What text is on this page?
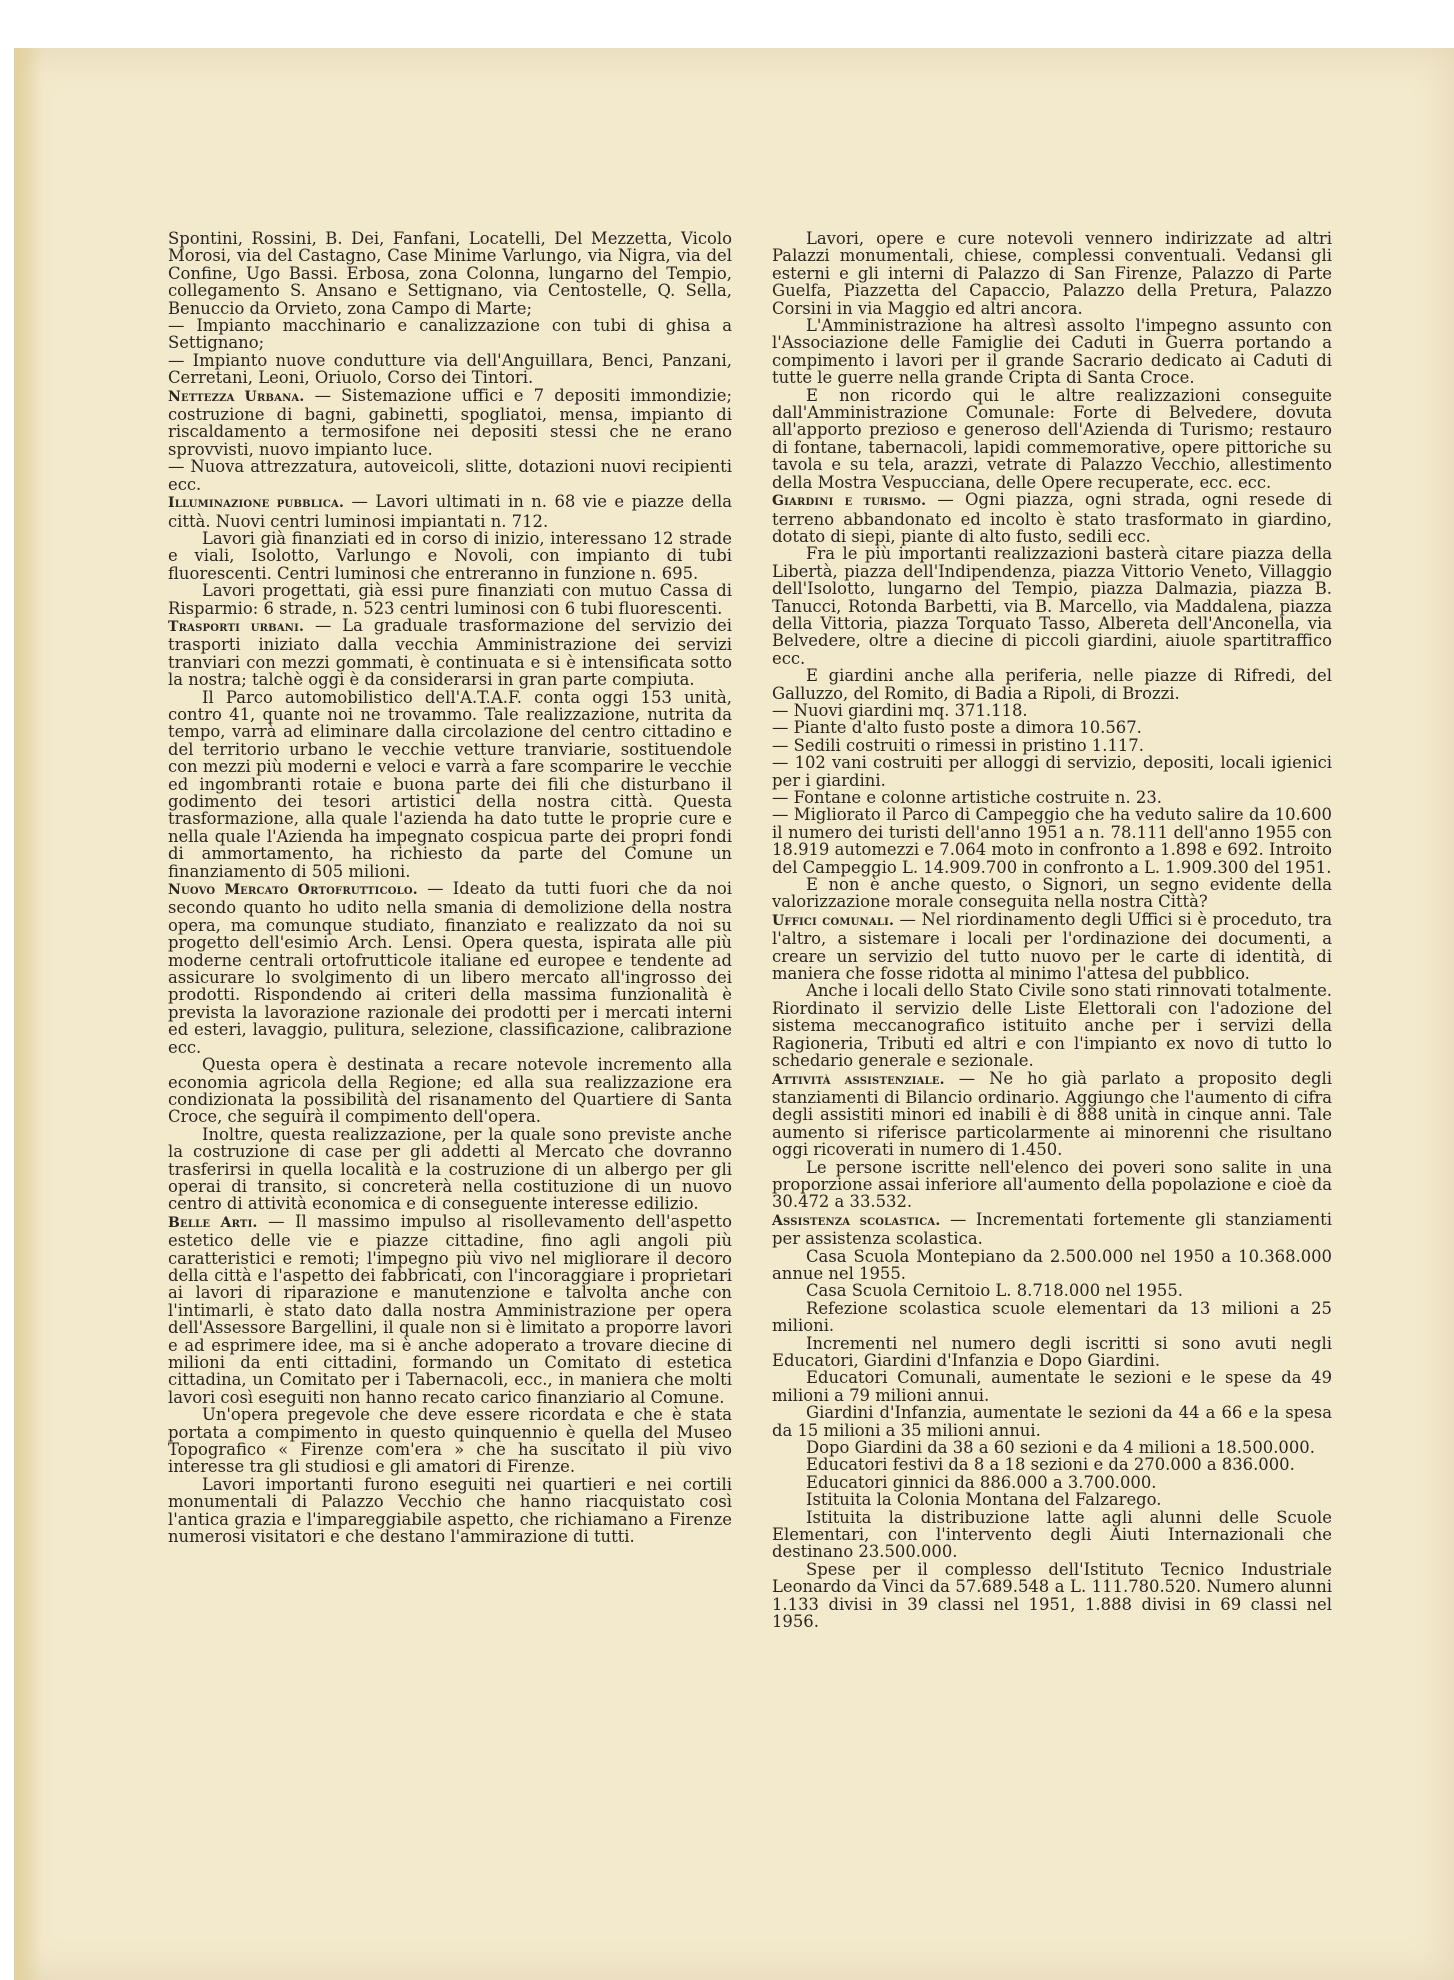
Spontini, Rossini, B. Dei, Fanfani, Locatelli, Del Mezzetta, Vicolo Morosi, via del Castagno, Case Minime Varlungo, via Nigra, via del Confine, Ugo Bassi. Erbosa, zona Colonna, lungarno del Tempio, collegamento S. Ansano e Settignano, via Centostelle, Q. Sella, Benuccio da Orvieto, zona Campo di Marte;

— Impianto macchinario e canalizzazione con tubi di ghisa a Settignano;

— Impianto nuove condutture via dell'Anguillara, Benci, Panzani, Cerretani, Leoni, Oriuolo, Corso dei Tintori.

Nettezza Urbana. — Sistemazione uffici e 7 depositi immondizie; costruzione di bagni, gabinetti, spogliatoi, mensa, impianto di riscaldamento a termosifone nei depositi stessi che ne erano sprovvisti, nuovo impianto luce.

— Nuova attrezzatura, autoveicoli, slitte, dotazioni nuovi recipienti ecc.

Illuminazione pubblica. — Lavori ultimati in n. 68 vie e piazze della città. Nuovi centri luminosi impiantati n. 712.

Lavori già finanziati ed in corso di inizio, interessano 12 strade e viali, Isolotto, Varlungo e Novoli, con impianto di tubi fluorescenti. Centri luminosi che entreranno in funzione n. 695.

Lavori progettati, già essi pure finanziati con mutuo Cassa di Risparmio: 6 strade, n. 523 centri luminosi con 6 tubi fluorescenti.

Trasporti urbani. — La graduale trasformazione del servizio dei trasporti iniziato dalla vecchia Amministrazione dei servizi tranviari con mezzi gommati, è continuata e si è intensificata sotto la nostra; talchè oggi è da considerarsi in gran parte compiuta.

Il Parco automobilistico dell'A.T.A.F. conta oggi 153 unità, contro 41, quante noi ne trovammo. Tale realizzazione, nutrita da tempo, varrà ad eliminare dalla circolazione del centro cittadino e del territorio urbano le vecchie vetture tranviarie, sostituendole con mezzi più moderni e veloci e varrà a fare scomparire le vecchie ed ingombranti rotaie e buona parte dei fili che disturbano il godimento dei tesori artistici della nostra città. Questa trasformazione, alla quale l'azienda ha dato tutte le proprie cure e nella quale l'Azienda ha impegnato cospicua parte dei propri fondi di ammortamento, ha richiesto da parte del Comune un finanziamento di 505 milioni.

Nuovo Mercato Ortofrutticolo. — Ideato da tutti fuori che da noi secondo quanto ho udito nella smania di demolizione della nostra opera, ma comunque studiato, finanziato e realizzato da noi su progetto dell'esimio Arch. Lensi. Opera questa, ispirata alle più moderne centrali ortofrutticole italiane ed europee e tendente ad assicurare lo svolgimento di un libero mercato all'ingrosso dei prodotti. Rispondendo ai criteri della massima funzionalità è prevista la lavorazione razionale dei prodotti per i mercati interni ed esteri, lavaggio, pulitura, selezione, classificazione, calibrazione ecc.

Questa opera è destinata a recare notevole incremento alla economia agricola della Regione; ed alla sua realizzazione era condizionata la possibilità del risanamento del Quartiere di Santa Croce, che seguirà il compimento dell'opera.

Inoltre, questa realizzazione, per la quale sono previste anche la costruzione di case per gli addetti al Mercato che dovranno trasferirsi in quella località e la costruzione di un albergo per gli operai di transito, si concreterà nella costituzione di un nuovo centro di attività economica e di conseguente interesse edilizio.

Belle Arti. — Il massimo impulso al risollevamento dell'aspetto estetico delle vie e piazze cittadine, fino agli angoli più caratteristici e remoti; l'impegno più vivo nel migliorare il decoro della città e l'aspetto dei fabbricati, con l'incoraggiare i proprietari ai lavori di riparazione e manutenzione e talvolta anche con l'intimarli, è stato dato dalla nostra Amministrazione per opera dell'Assessore Bargellini, il quale non si è limitato a proporre lavori e ad esprimere idee, ma si è anche adoperato a trovare diecine di milioni da enti cittadini, formando un Comitato di estetica cittadina, un Comitato per i Tabernacoli, ecc., in maniera che molti lavori così eseguiti non hanno recato carico finanziario al Comune.

Un'opera pregevole che deve essere ricordata e che è stata portata a compimento in questo quinquennio è quella del Museo Topografico « Firenze com'era » che ha suscitato il più vivo interesse tra gli studiosi e gli amatori di Firenze.

Lavori importanti furono eseguiti nei quartieri e nei cortili monumentali di Palazzo Vecchio che hanno riacquistato così l'antica grazia e l'impareggiabile aspetto, che richiamano a Firenze numerosi visitatori e che destano l'ammirazione di tutti.

Lavori, opere e cure notevoli vennero indirizzate ad altri Palazzi monumentali, chiese, complessi conventuali. Vedansi gli esterni e gli interni di Palazzo di San Firenze, Palazzo di Parte Guelfa, Piazzetta del Capaccio, Palazzo della Pretura, Palazzo Corsini in via Maggio ed altri ancora.

L'Amministrazione ha altresì assolto l'impegno assunto con l'Associazione delle Famiglie dei Caduti in Guerra portando a compimento i lavori per il grande Sacrario dedicato ai Caduti di tutte le guerre nella grande Cripta di Santa Croce.

E non ricordo qui le altre realizzazioni conseguite dall'Amministrazione Comunale: Forte di Belvedere, dovuta all'apporto prezioso e generoso dell'Azienda di Turismo; restauro di fontane, tabernacoli, lapidi commemorative, opere pittoriche su tavola e su tela, arazzi, vetrate di Palazzo Vecchio, allestimento della Mostra Vespucciana, delle Opere recuperate, ecc. ecc.

Giardini e turismo. — Ogni piazza, ogni strada, ogni resede di terreno abbandonato ed incolto è stato trasformato in giardino, dotato di siepi, piante di alto fusto, sedili ecc.

Fra le più importanti realizzazioni basterà citare piazza della Libertà, piazza dell'Indipendenza, piazza Vittorio Veneto, Villaggio dell'Isolotto, lungarno del Tempio, piazza Dalmazia, piazza B. Tanucci, Rotonda Barbetti, via B. Marcello, via Maddalena, piazza della Vittoria, piazza Torquato Tasso, Albereta dell'Anconella, via Belvedere, oltre a diecine di piccoli giardini, aiuole spartitraffico ecc.

E giardini anche alla periferia, nelle piazze di Rifredi, del Galluzzo, del Romito, di Badia a Ripoli, di Brozzi.

— Nuovi giardini mq. 371.118.

— Piante d'alto fusto poste a dimora 10.567.

— Sedili costruiti o rimessi in pristino 1.117.

— 102 vani costruiti per alloggi di servizio, depositi, locali igienici per i giardini.

— Fontane e colonne artistiche costruite n. 23.

— Migliorato il Parco di Campeggio che ha veduto salire da 10.600 il numero dei turisti dell'anno 1951 a n. 78.111 dell'anno 1955 con 18.919 automezzi e 7.064 moto in confronto a 1.898 e 692. Introito del Campeggio L. 14.909.700 in confronto a L. 1.909.300 del 1951.

E non è anche questo, o Signori, un segno evidente della valorizzazione morale conseguita nella nostra Città?

Uffici comunali. — Nel riordinamento degli Uffici si è proceduto, tra l'altro, a sistemare i locali per l'ordinazione dei documenti, a creare un servizio del tutto nuovo per le carte di identità, di maniera che fosse ridotta al minimo l'attesa del pubblico.

Anche i locali dello Stato Civile sono stati rinnovati totalmente. Riordinato il servizio delle Liste Elettorali con l'adozione del sistema meccanografico istituito anche per i servizi della Ragioneria, Tributi ed altri e con l'impianto ex novo di tutto lo schedario generale e sezionale.

Attività assistenziale. — Ne ho già parlato a proposito degli stanziamenti di Bilancio ordinario. Aggiungo che l'aumento di cifra degli assistiti minori ed inabili è di 888 unità in cinque anni. Tale aumento si riferisce particolarmente ai minorenni che risultano oggi ricoverati in numero di 1.450.

Le persone iscritte nell'elenco dei poveri sono salite in una proporzione assai inferiore all'aumento della popolazione e cioè da 30.472 a 33.532.

Assistenza scolastica. — Incrementati fortemente gli stanziamenti per assistenza scolastica.

Casa Scuola Montepiano da 2.500.000 nel 1950 a 10.368.000 annue nel 1955.

Casa Scuola Cernitoio L. 8.718.000 nel 1955.

Refezione scolastica scuole elementari da 13 milioni a 25 milioni.

Incrementi nel numero degli iscritti si sono avuti negli Educatori, Giardini d'Infanzia e Dopo Giardini.

Educatori Comunali, aumentate le sezioni e le spese da 49 milioni a 79 milioni annui.

Giardini d'Infanzia, aumentate le sezioni da 44 a 66 e la spesa da 15 milioni a 35 milioni annui.

Dopo Giardini da 38 a 60 sezioni e da 4 milioni a 18.500.000.

Educatori festivi da 8 a 18 sezioni e da 270.000 a 836.000.

Educatori ginnici da 886.000 a 3.700.000.

Istituita la Colonia Montana del Falzarego.

Istituita la distribuzione latte agli alunni delle Scuole Elementari, con l'intervento degli Aiuti Internazionali che destinano 23.500.000.

Spese per il complesso dell'Istituto Tecnico Industriale Leonardo da Vinci da 57.689.548 a L. 111.780.520. Numero alunni 1.133 divisi in 39 classi nel 1951, 1.888 divisi in 69 classi nel 1956.
